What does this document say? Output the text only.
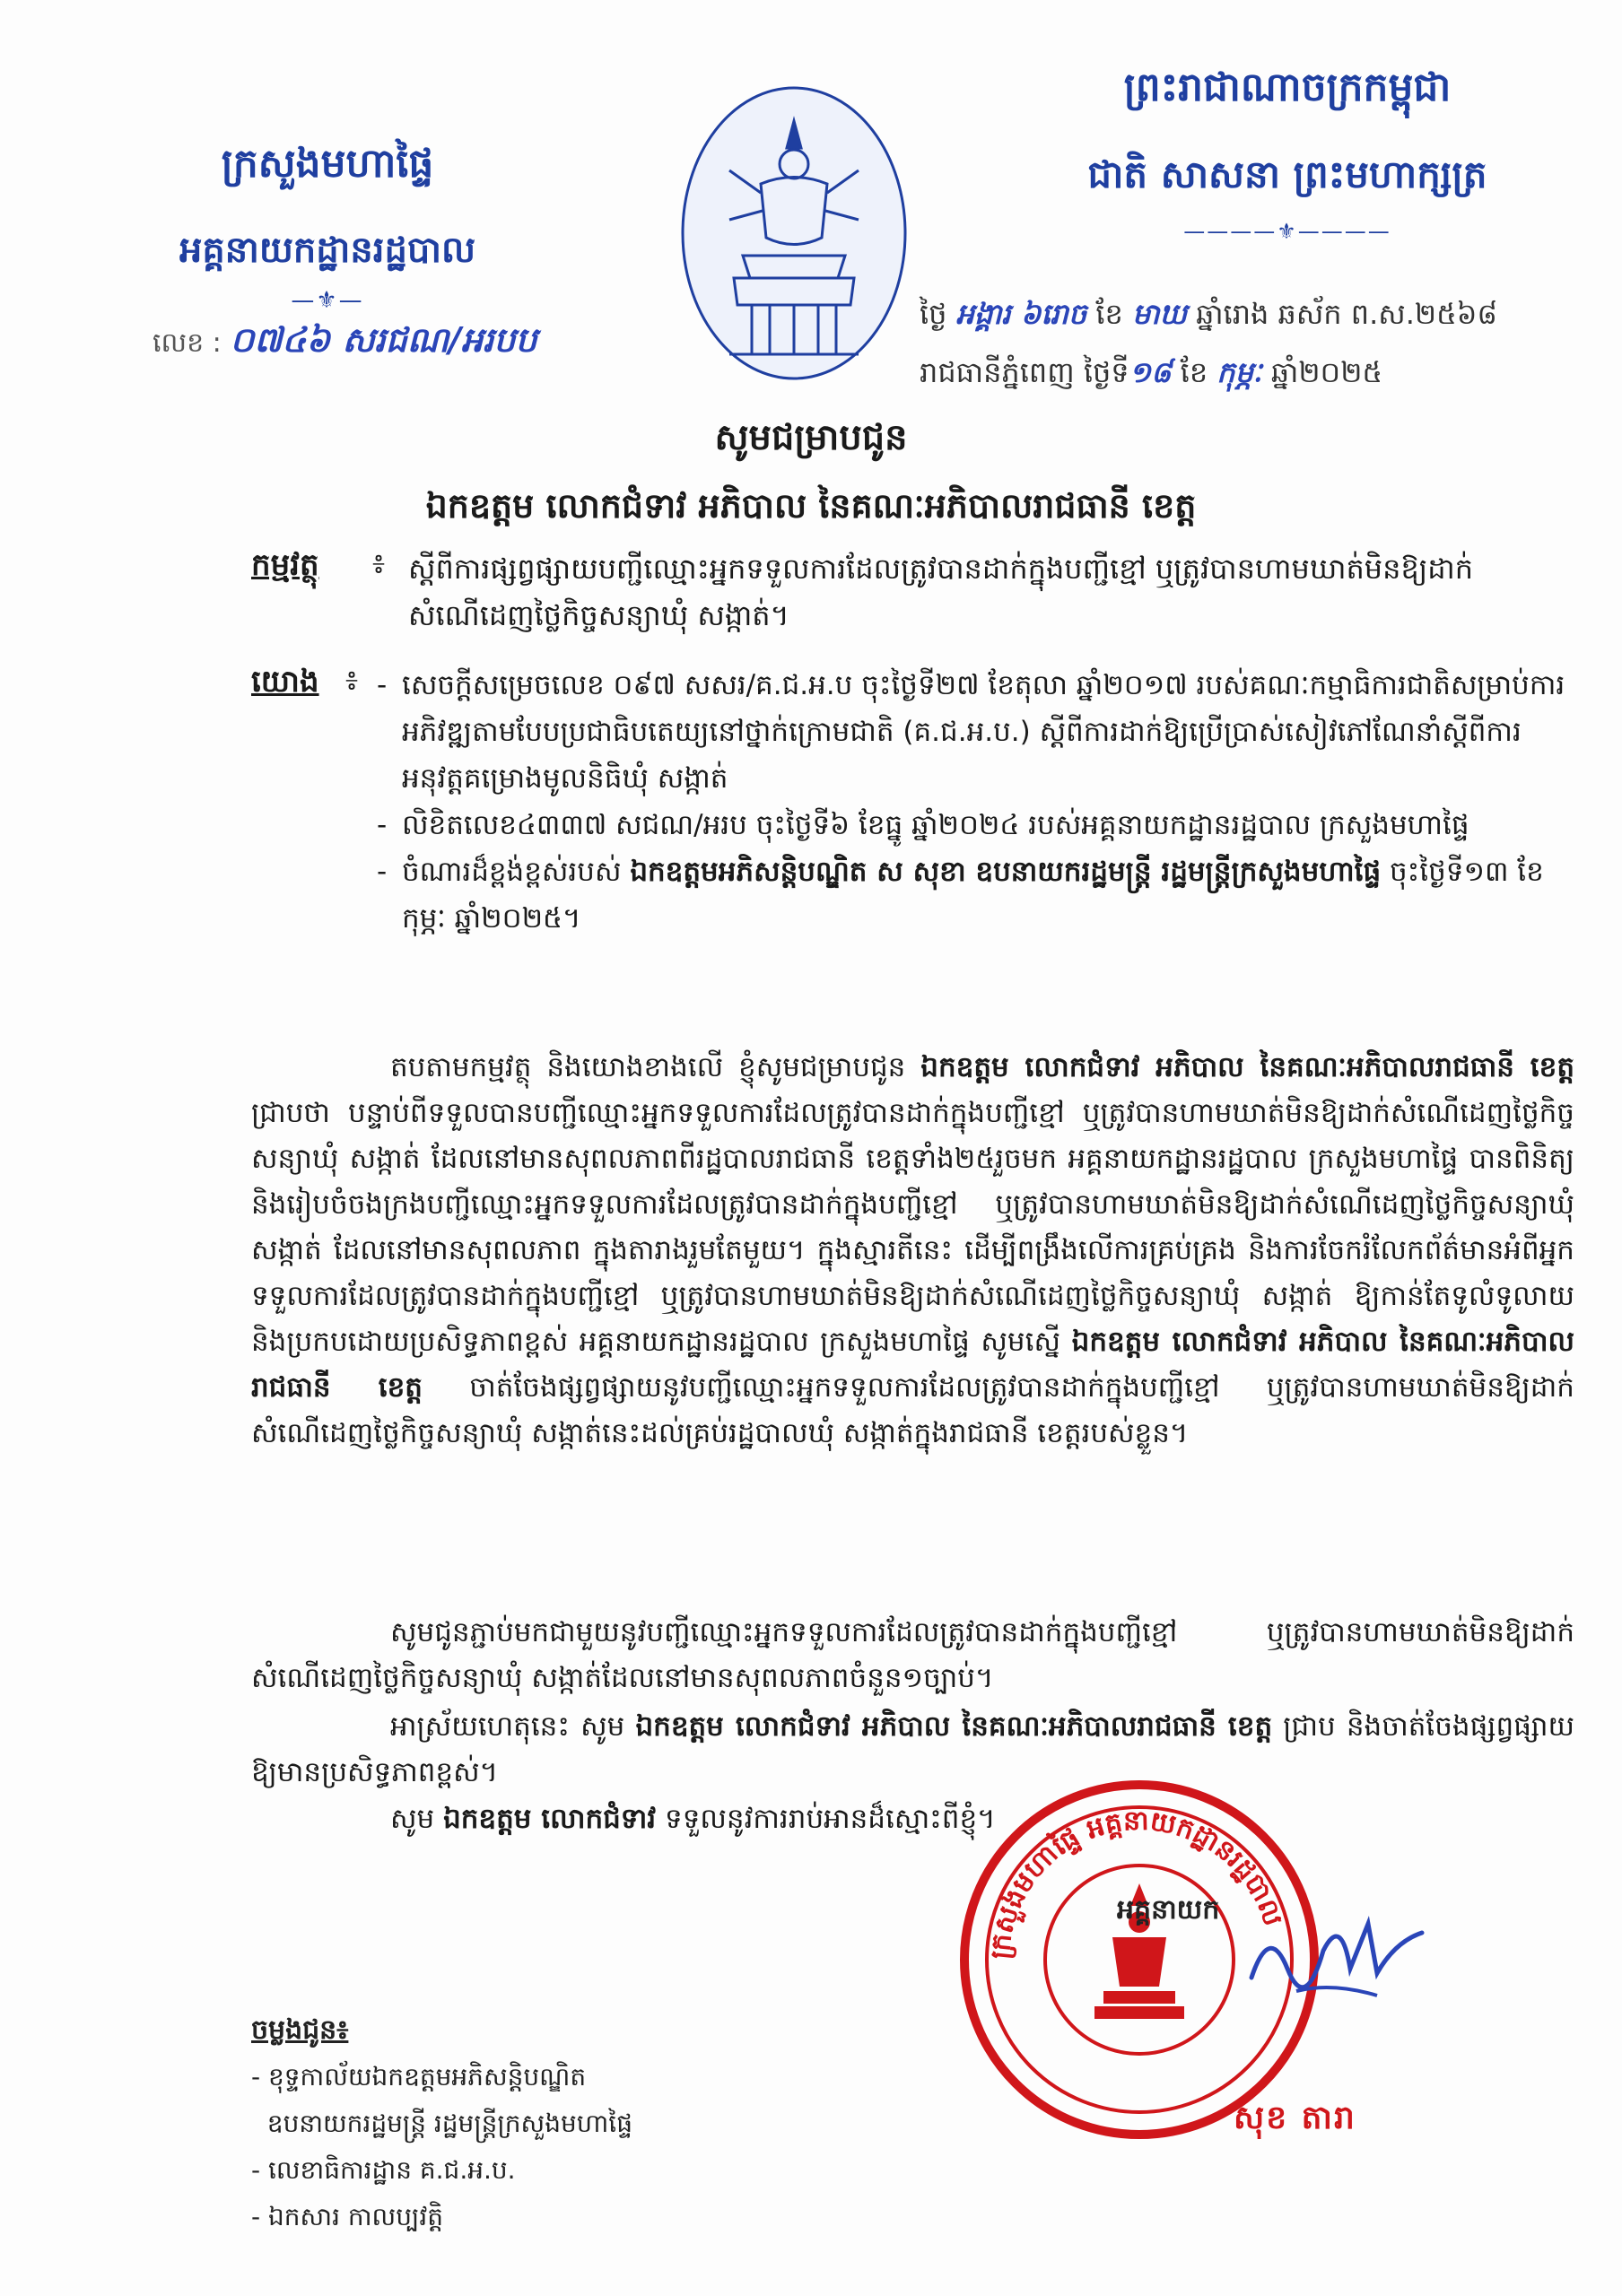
ក្រសួងមហាផ្ទៃ
អគ្គនាយកដ្ឋានរដ្ឋបាល
—⚜—
លេខ : ០៧៤៦ សរជណ/អរបប
ព្រះរាជាណាចក្រកម្ពុជា
ជាតិ សាសនា ព្រះមហាក្សត្រ
————⚜————
ថ្ងៃ អង្គារ ៦រោច ខែ មាឃ ឆ្នាំរោង ឆស័ក ព.ស.២៥៦៨
រាជធានីភ្នំពេញ ថ្ងៃទី១៨ ខែ កុម្ភៈ ឆ្នាំ២០២៥
សូមជម្រាបជូន
ឯកឧត្តម លោកជំទាវ អភិបាល នៃគណៈអភិបាលរាជធានី ខេត្ត
កម្មវត្ថុ ៖ ស្តីពីការផ្សព្វផ្សាយបញ្ជីឈ្មោះអ្នកទទួលការដែលត្រូវបានដាក់ក្នុងបញ្ជីខ្មៅ ឬត្រូវបានហាមឃាត់មិនឱ្យដាក់សំណើដេញថ្លៃកិច្ចសន្យាឃុំ សង្កាត់។
យោង ៖ - សេចក្តីសម្រេចលេខ ០៩៧ សសរ/គ.ជ.អ.ប ចុះថ្ងៃទី២៧ ខែតុលា ឆ្នាំ២០១៧ របស់គណៈកម្មាធិការជាតិសម្រាប់ការអភិវឌ្ឍតាមបែបប្រជាធិបតេយ្យនៅថ្នាក់ក្រោមជាតិ (គ.ជ.អ.ប.) ស្តីពីការដាក់ឱ្យប្រើប្រាស់សៀវភៅណែនាំស្តីពីការអនុវត្តគម្រោងមូលនិធិឃុំ សង្កាត់

- លិខិតលេខ៤៣៣៧ សជណ/អរប ចុះថ្ងៃទី៦ ខែធ្នូ ឆ្នាំ២០២៤ របស់អគ្គនាយកដ្ឋានរដ្ឋបាល ក្រសួងមហាផ្ទៃ

- ចំណារដ៏ខ្ពង់ខ្ពស់របស់ ឯកឧត្តមអភិសន្តិបណ្ឌិត ស សុខា ឧបនាយករដ្ឋមន្ត្រី រដ្ឋមន្ត្រីក្រសួងមហាផ្ទៃ ចុះថ្ងៃទី១៣ ខែកុម្ភៈ ឆ្នាំ២០២៥។

តបតាមកម្មវត្ថុ និងយោងខាងលើ ខ្ញុំសូមជម្រាបជូន ឯកឧត្តម លោកជំទាវ អភិបាល នៃគណៈអភិបាលរាជធានី ខេត្ត ជ្រាបថា បន្ទាប់ពីទទួលបានបញ្ជីឈ្មោះអ្នកទទួលការដែលត្រូវបានដាក់ក្នុងបញ្ជីខ្មៅ ឬត្រូវបានហាមឃាត់មិនឱ្យដាក់សំណើដេញថ្លៃកិច្ចសន្យាឃុំ សង្កាត់ ដែលនៅមានសុពលភាពពីរដ្ឋបាលរាជធានី ខេត្តទាំង២៥រួចមក អគ្គនាយកដ្ឋានរដ្ឋបាល ក្រសួងមហាផ្ទៃ បានពិនិត្យ និងរៀបចំចងក្រងបញ្ជីឈ្មោះអ្នកទទួលការដែលត្រូវបានដាក់ក្នុងបញ្ជីខ្មៅ ឬត្រូវបានហាមឃាត់មិនឱ្យដាក់សំណើដេញថ្លៃកិច្ចសន្យាឃុំ សង្កាត់ ដែលនៅមានសុពលភាព ក្នុងតារាងរួមតែមួយ។ ក្នុងស្មារតីនេះ ដើម្បីពង្រឹងលើការគ្រប់គ្រង និងការចែករំលែកព័ត៌មានអំពីអ្នកទទួលការដែលត្រូវបានដាក់ក្នុងបញ្ជីខ្មៅ ឬត្រូវបានហាមឃាត់មិនឱ្យដាក់សំណើដេញថ្លៃកិច្ចសន្យាឃុំ សង្កាត់ ឱ្យកាន់តែទូលំទូលាយ និងប្រកបដោយប្រសិទ្ធភាពខ្ពស់ អគ្គនាយកដ្ឋានរដ្ឋបាល ក្រសួងមហាផ្ទៃ សូមស្នើ ឯកឧត្តម លោកជំទាវ អភិបាល នៃគណៈអភិបាលរាជធានី ខេត្ត ចាត់ចែងផ្សព្វផ្សាយនូវបញ្ជីឈ្មោះអ្នកទទួលការដែលត្រូវបានដាក់ក្នុងបញ្ជីខ្មៅ ឬត្រូវបានហាមឃាត់មិនឱ្យដាក់សំណើដេញថ្លៃកិច្ចសន្យាឃុំ សង្កាត់នេះដល់គ្រប់រដ្ឋបាលឃុំ សង្កាត់ក្នុងរាជធានី ខេត្តរបស់ខ្លួន។
សូមជូនភ្ជាប់មកជាមួយនូវបញ្ជីឈ្មោះអ្នកទទួលការដែលត្រូវបានដាក់ក្នុងបញ្ជីខ្មៅ ឬត្រូវបានហាមឃាត់មិនឱ្យដាក់សំណើដេញថ្លៃកិច្ចសន្យាឃុំ សង្កាត់ដែលនៅមានសុពលភាពចំនួន១ច្បាប់។
អាស្រ័យហេតុនេះ សូម ឯកឧត្តម លោកជំទាវ អភិបាល នៃគណៈអភិបាលរាជធានី ខេត្ត ជ្រាប និងចាត់ចែងផ្សព្វផ្សាយឱ្យមានប្រសិទ្ធភាពខ្ពស់។
សូម ឯកឧត្តម លោកជំទាវ ទទួលនូវការរាប់អានដ៏ស្មោះពីខ្ញុំ។
ក្រសួងមហាផ្ទៃ អគ្គនាយកដ្ឋានរដ្ឋបាល
អគ្គនាយក
សុខ តារា
ចម្លងជូន៖
- ខុទ្ទកាល័យឯកឧត្តមអភិសន្តិបណ្ឌិត
ឧបនាយករដ្ឋមន្ត្រី រដ្ឋមន្ត្រីក្រសួងមហាផ្ទៃ
- លេខាធិការដ្ឋាន គ.ជ.អ.ប.
- ឯកសារ កាលប្បវត្តិ
